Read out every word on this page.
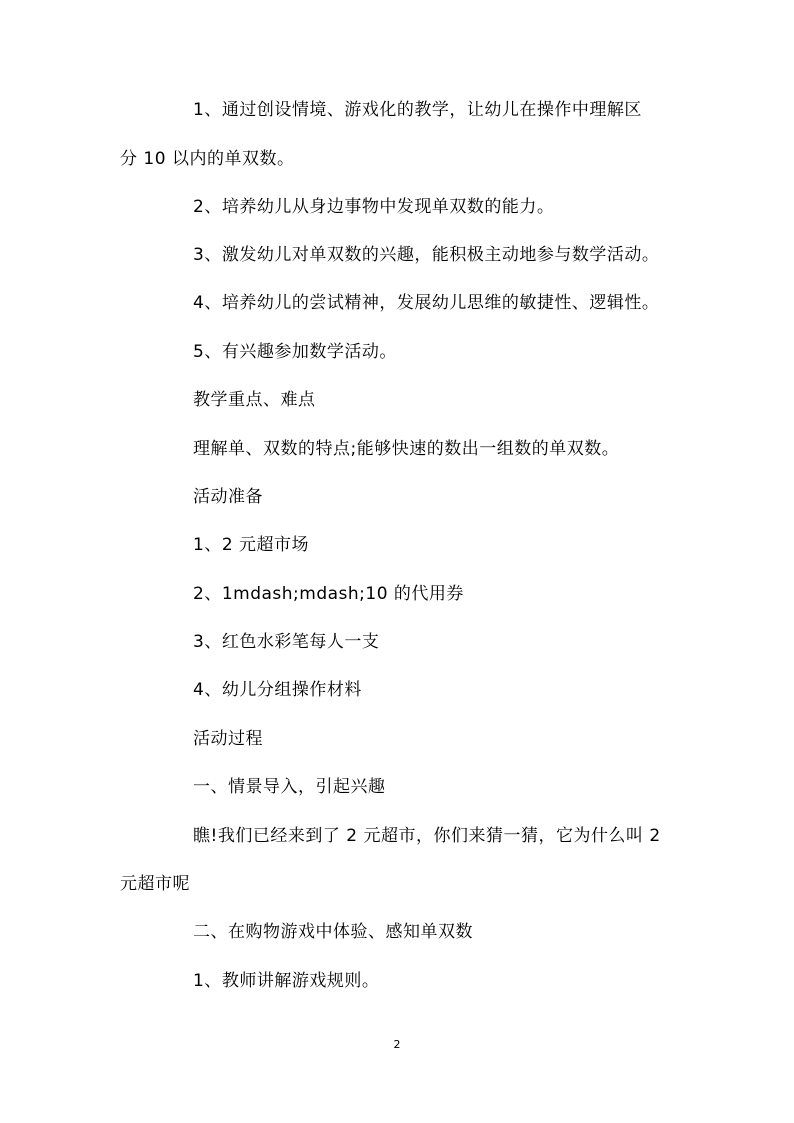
1、通过创设情境、游戏化的教学，让幼儿在操作中理解区
分 10 以内的单双数。
2、培养幼儿从身边事物中发现单双数的能力。
3、激发幼儿对单双数的兴趣，能积极主动地参与数学活动。
4、培养幼儿的尝试精神，发展幼儿思维的敏捷性、逻辑性。
5、有兴趣参加数学活动。
教学重点、难点
理解单、双数的特点;能够快速的数出一组数的单双数。
活动准备
1、2 元超市场
2、1mdash;mdash;10 的代用券
3、红色水彩笔每人一支
4、幼儿分组操作材料
活动过程
一、情景导入，引起兴趣
瞧!我们已经来到了 2 元超市，你们来猜一猜，它为什么叫 2
元超市呢
二、在购物游戏中体验、感知单双数
1、教师讲解游戏规则。
2
